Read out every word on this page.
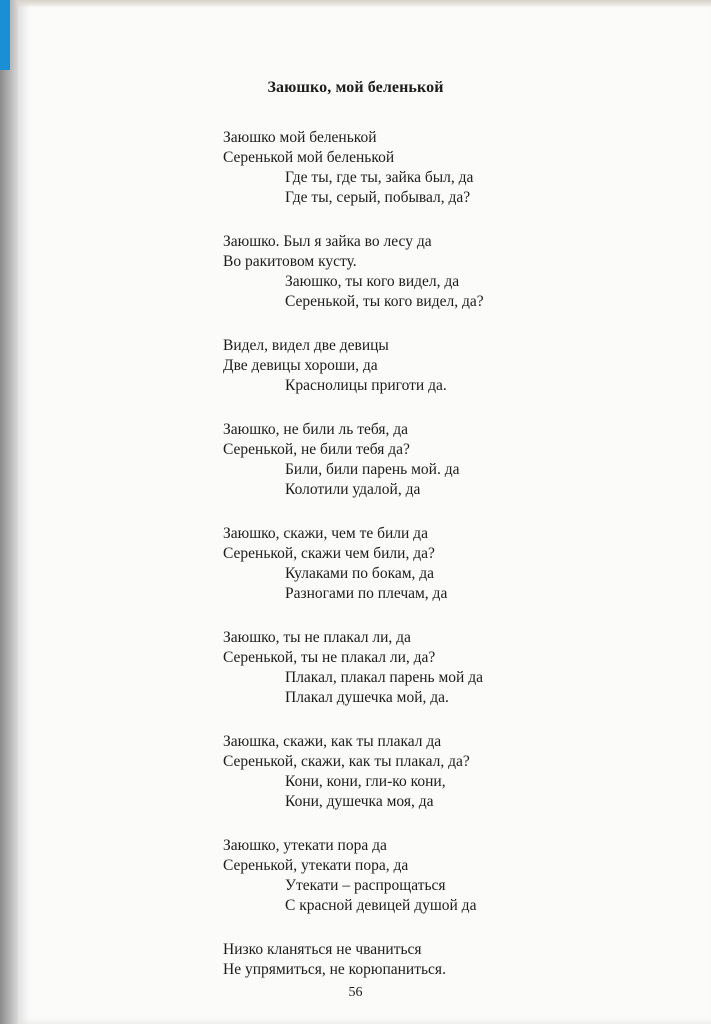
Заюшко, мой беленькой
Заюшко мой беленькой
Серенькой мой беленькой
Где ты, где ты, зайка был, да
Где ты, серый, побывал, да?
Заюшко. Был я зайка во лесу да
Во ракитовом кусту.
Заюшко, ты кого видел, да
Серенькой, ты кого видел, да?
Видел, видел две девицы
Две девицы хороши, да
Краснолицы приготи да.
Заюшко, не били ль тебя, да
Серенькой, не били тебя да?
Били, били парень мой. да
Колотили удалой, да
Заюшко, скажи, чем те били да
Серенькой, скажи чем били, да?
Кулаками по бокам, да
Разногами по плечам, да
Заюшко, ты не плакал ли, да
Серенькой, ты не плакал ли, да?
Плакал, плакал парень мой да
Плакал душечка мой, да.
Заюшка, скажи, как ты плакал да
Серенькой, скажи, как ты плакал, да?
Кони, кони, гли-ко кони,
Кони, душечка моя, да
Заюшко, утекати пора да
Серенькой, утекати пора, да
Утекати – распрощаться
С красной девицей душой да
Низко кланяться не чваниться
Не упрямиться, не корюпаниться.
56
